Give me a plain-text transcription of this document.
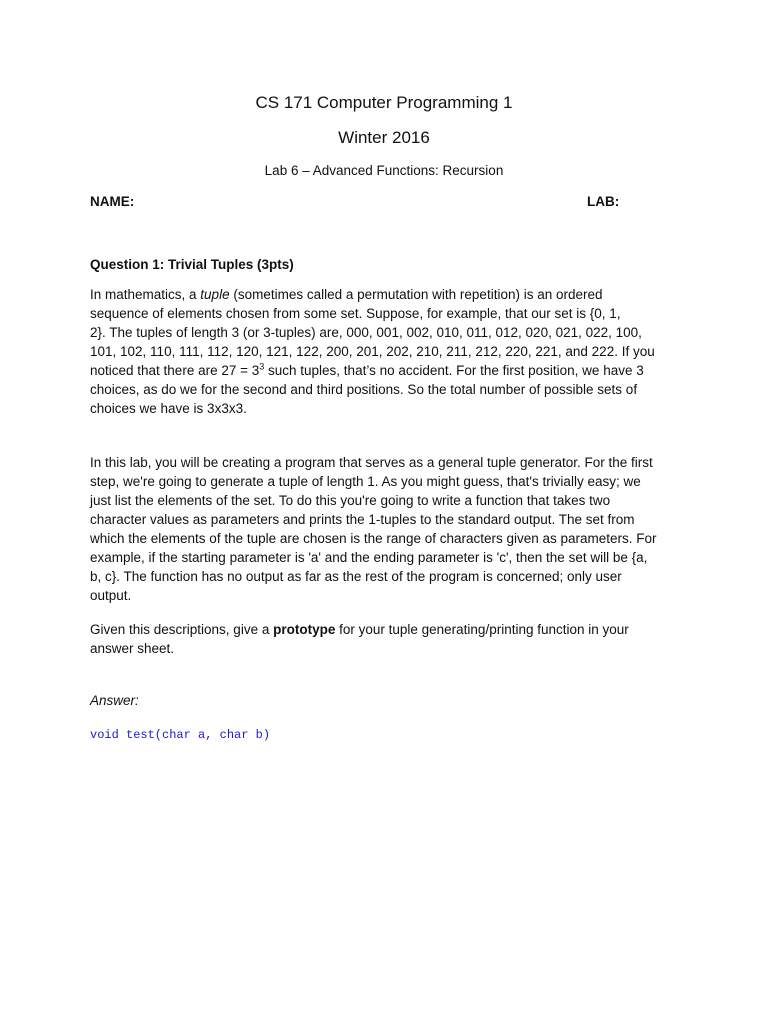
CS 171 Computer Programming 1
Winter 2016
Lab 6 – Advanced Functions: Recursion
NAME:	LAB:
Question 1: Trivial Tuples (3pts)
In mathematics, a tuple (sometimes called a permutation with repetition) is an ordered
sequence of elements chosen from some set. Suppose, for example, that our set is {0, 1,
2}. The tuples of length 3 (or 3-tuples) are, 000, 001, 002, 010, 011, 012, 020, 021, 022, 100,
101, 102, 110, 111, 112, 120, 121, 122, 200, 201, 202, 210, 211, 212, 220, 221, and 222. If you
noticed that there are $27 = 3^3$ such tuples, that’s no accident. For the first position, we have 3
choices, as do we for the second and third positions. So the total number of possible sets of
choices we have is 3x3x3.
In this lab, you will be creating a program that serves as a general tuple generator. For the first
step, we're going to generate a tuple of length 1. As you might guess, that's trivially easy; we
just list the elements of the set. To do this you're going to write a function that takes two
character values as parameters and prints the 1-tuples to the standard output. The set from
which the elements of the tuple are chosen is the range of characters given as parameters. For
example, if the starting parameter is 'a' and the ending parameter is 'c', then the set will be {a,
b, c}. The function has no output as far as the rest of the program is concerned; only user
output.
Given this descriptions, give a prototype for your tuple generating/printing function in your
answer sheet.
Answer:
void test(char a, char b)
